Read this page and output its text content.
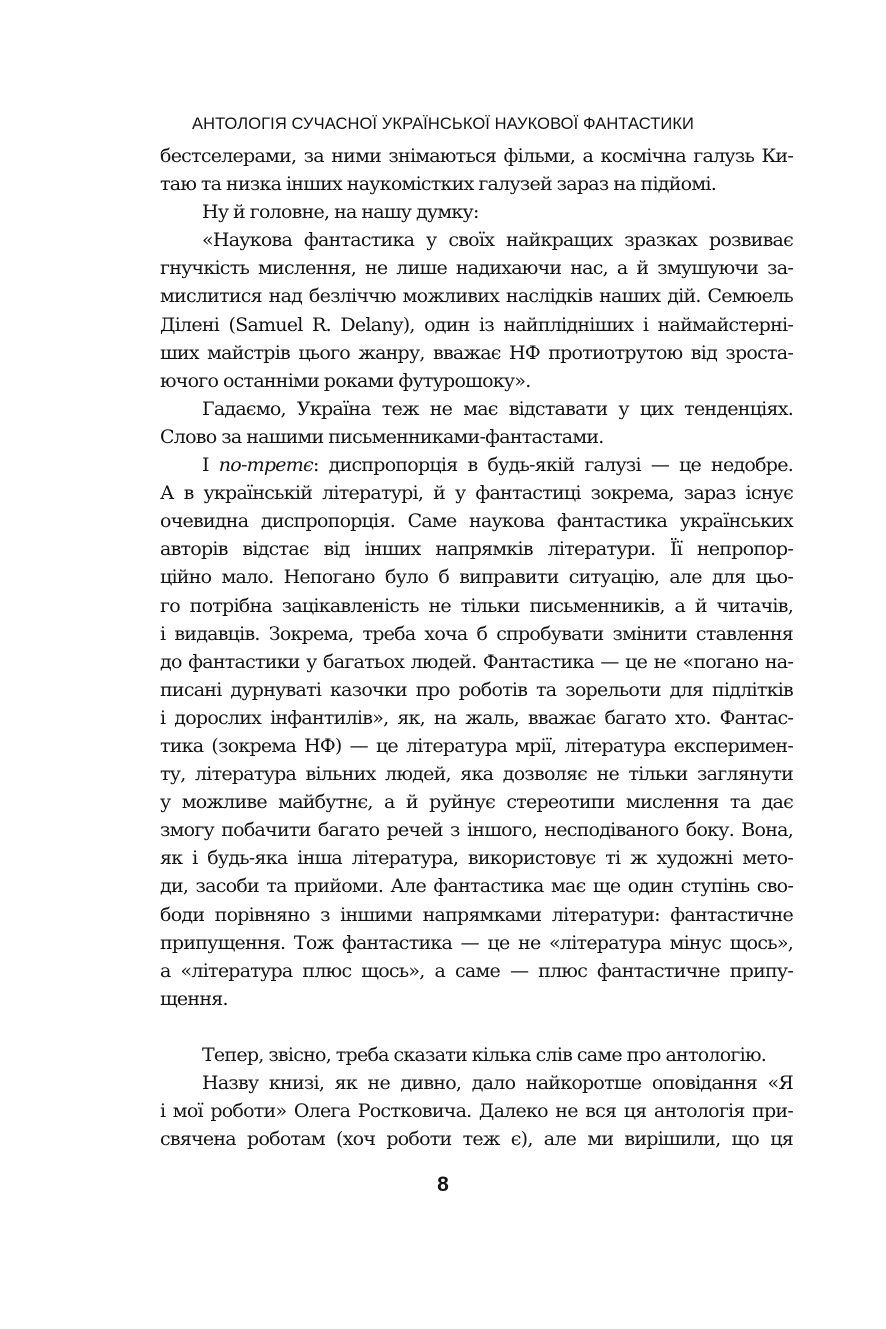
АНТОЛОГІЯ СУЧАСНОЇ УКРАЇНСЬКОЇ НАУКОВОЇ ФАНТАСТИКИ
бестселерами, за ними знімаються фільми, а космічна галузь Ки-
таю та низка інших наукомістких галузей зараз на підйомі.
Ну й головне, на нашу думку:
«Наукова фантастика у своїх найкращих зразках розвиває
гнучкість мислення, не лише надихаючи нас, а й змушуючи за-
мислитися над безліччю можливих наслідків наших дій. Семюель
Ділені (Samuel R. Delany), один із найплідніших і наймайстерні-
ших майстрів цього жанру, вважає НФ протиотрутою від зроста-
ючого останніми роками футурошоку».
Гадаємо, Україна теж не має відставати у цих тенденціях.
Слово за нашими письменниками-фантастами.
І по-третє: диспропорція в будь-якій галузі — це недобре.
А в українській літературі, й у фантастиці зокрема, зараз існує
очевидна диспропорція. Саме наукова фантастика українських
авторів відстає від інших напрямків літератури. Її непропор-
ційно мало. Непогано було б виправити ситуацію, але для цьо-
го потрібна зацікавленість не тільки письменників, а й читачів,
і видавців. Зокрема, треба хоча б спробувати змінити ставлення
до фантастики у багатьох людей. Фантастика — це не «погано на-
писані дурнуваті казочки про роботів та зорельоти для підлітків
і дорослих інфантилів», як, на жаль, вважає багато хто. Фантас-
тика (зокрема НФ) — це література мрії, література експеримен-
ту, література вільних людей, яка дозволяє не тільки заглянути
у можливе майбутнє, а й руйнує стереотипи мислення та дає
змогу побачити багато речей з іншого, несподіваного боку. Вона,
як і будь-яка інша література, використовує ті ж художні мето-
ди, засоби та прийоми. Але фантастика має ще один ступінь сво-
боди порівняно з іншими напрямками літератури: фантастичне
припущення. Тож фантастика — це не «література мінус щось»,
а «література плюс щось», а саме — плюс фантастичне припу-
щення.
Тепер, звісно, треба сказати кілька слів саме про антологію.
Назву книзі, як не дивно, дало найкоротше оповідання «Я
і мої роботи» Олега Ростковича. Далеко не вся ця антологія при-
свячена роботам (хоч роботи теж є), але ми вирішили, що ця
8
